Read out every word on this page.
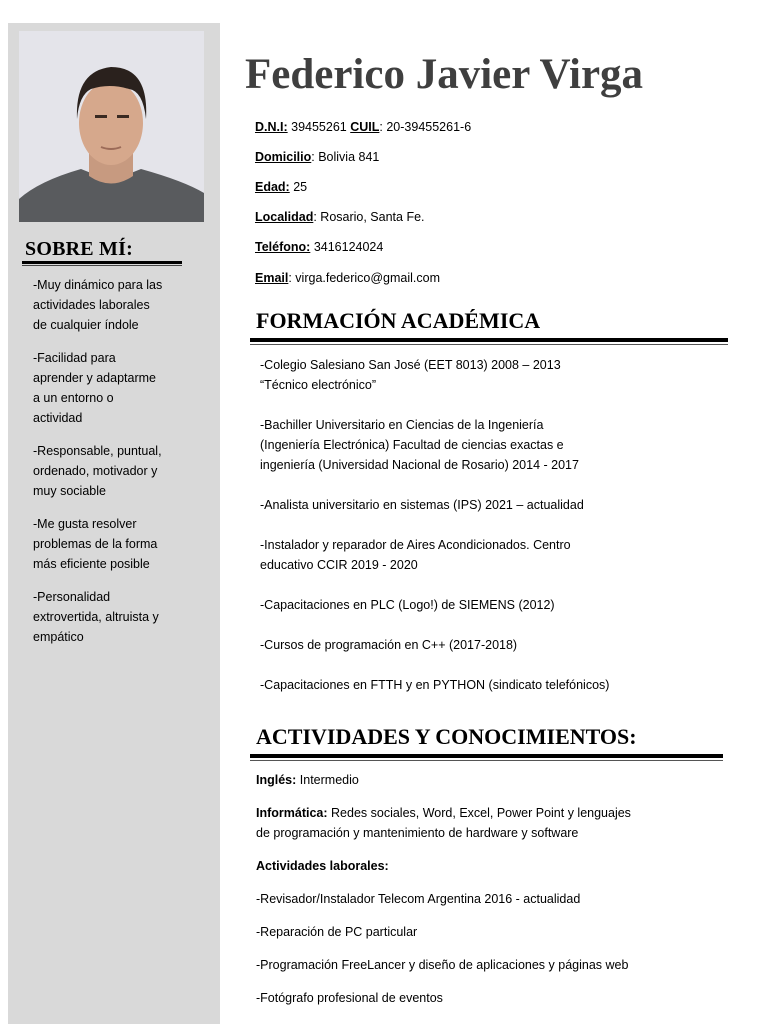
SOBRE MÍ:
-Muy dinámico para las actividades laborales de cualquier índole
-Facilidad para aprender y adaptarme a un entorno o actividad
-Responsable, puntual, ordenado, motivador y muy sociable
-Me gusta resolver problemas de la forma más eficiente posible
-Personalidad extrovertida, altruista y empático
Federico Javier Virga
D.N.I: 39455261 CUIL: 20-39455261-6
Domicilio: Bolivia 841
Edad: 25
Localidad: Rosario, Santa Fe.
Teléfono: 3416124024
Email: virga.federico@gmail.com
FORMACIÓN ACADÉMICA
-Colegio Salesiano San José (EET 8013) 2008 – 2013 “Técnico electrónico”
-Bachiller Universitario en Ciencias de la Ingeniería (Ingeniería Electrónica) Facultad de ciencias exactas e ingeniería (Universidad Nacional de Rosario) 2014 - 2017
-Analista universitario en sistemas (IPS) 2021 – actualidad
-Instalador y reparador de Aires Acondicionados. Centro educativo CCIR 2019 - 2020
-Capacitaciones en PLC (Logo!) de SIEMENS (2012)
-Cursos de programación en C++ (2017-2018)
-Capacitaciones en FTTH y en PYTHON (sindicato telefónicos)
ACTIVIDADES Y CONOCIMIENTOS:
Inglés: Intermedio
Informática: Redes sociales, Word, Excel, Power Point y lenguajes
de programación y mantenimiento de hardware y software
Actividades laborales:
-Revisador/Instalador Telecom Argentina 2016 - actualidad
-Reparación de PC particular
-Programación FreeLancer y diseño de aplicaciones y páginas web
-Fotógrafo profesional de eventos
